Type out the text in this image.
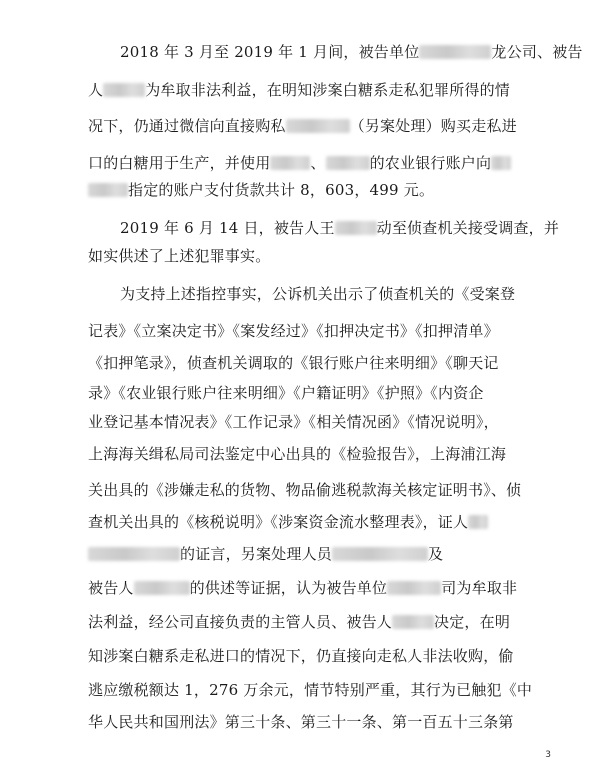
2018 年 3 月至 2019 年 1 月间，被告单位	龙公司、被告
人	为牟取非法利益，在明知涉案白糖系走私犯罪所得的情
况下，仍通过微信向直接购私	（另案处理）购买走私进
口的白糖用于生产，并使用	、	的农业银行账户向
指定的账户支付货款共计 8，603，499 元。
2019 年 6 月 14 日，被告人王	动至侦查机关接受调查，并
如实供述了上述犯罪事实。
为支持上述指控事实，公诉机关出示了侦查机关的《受案登
记表》《立案决定书》《案发经过》《扣押决定书》《扣押清单》
《扣押笔录》，侦查机关调取的《银行账户往来明细》《聊天记
录》《农业银行账户往来明细》《户籍证明》《护照》《内资企
业登记基本情况表》《工作记录》《相关情况函》《情况说明》，
上海海关缉私局司法鉴定中心出具的《检验报告》，上海浦江海
关出具的《涉嫌走私的货物、物品偷逃税款海关核定证明书》、侦
查机关出具的《核税说明》《涉案资金流水整理表》，证人
的证言，另案处理人员	及
被告人	的供述等证据，认为被告单位	司为牟取非
法利益，经公司直接负责的主管人员、被告人	决定，在明
知涉案白糖系走私进口的情况下，仍直接向走私人非法收购，偷
逃应缴税额达 1，276 万余元，情节特别严重，其行为已触犯《中
华人民共和国刑法》第三十条、第三十一条、第一百五十三条第
3
